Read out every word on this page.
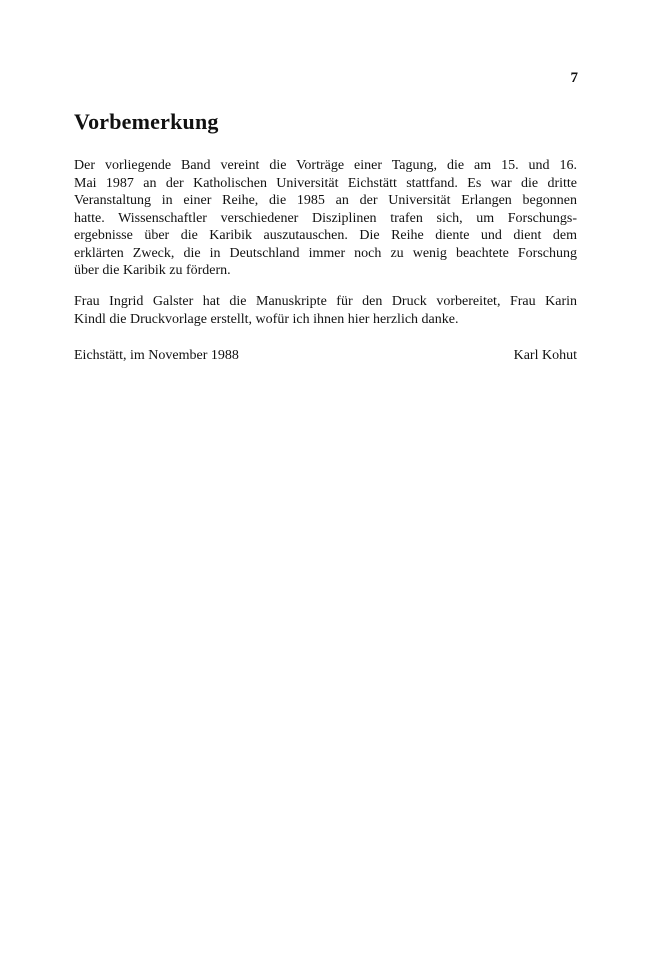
7
Vorbemerkung
Der vorliegende Band vereint die Vorträge einer Tagung, die am 15. und 16.
Mai 1987 an der Katholischen Universität Eichstätt stattfand. Es war die dritte
Veranstaltung in einer Reihe, die 1985 an der Universität Erlangen begonnen
hatte. Wissenschaftler verschiedener Disziplinen trafen sich, um Forschungs-
ergebnisse über die Karibik auszutauschen. Die Reihe diente und dient dem
erklärten Zweck, die in Deutschland immer noch zu wenig beachtete Forschung
über die Karibik zu fördern.
Frau Ingrid Galster hat die Manuskripte für den Druck vorbereitet, Frau Karin
Kindl die Druckvorlage erstellt, wofür ich ihnen hier herzlich danke.
Eichstätt, im November 1988	Karl Kohut
